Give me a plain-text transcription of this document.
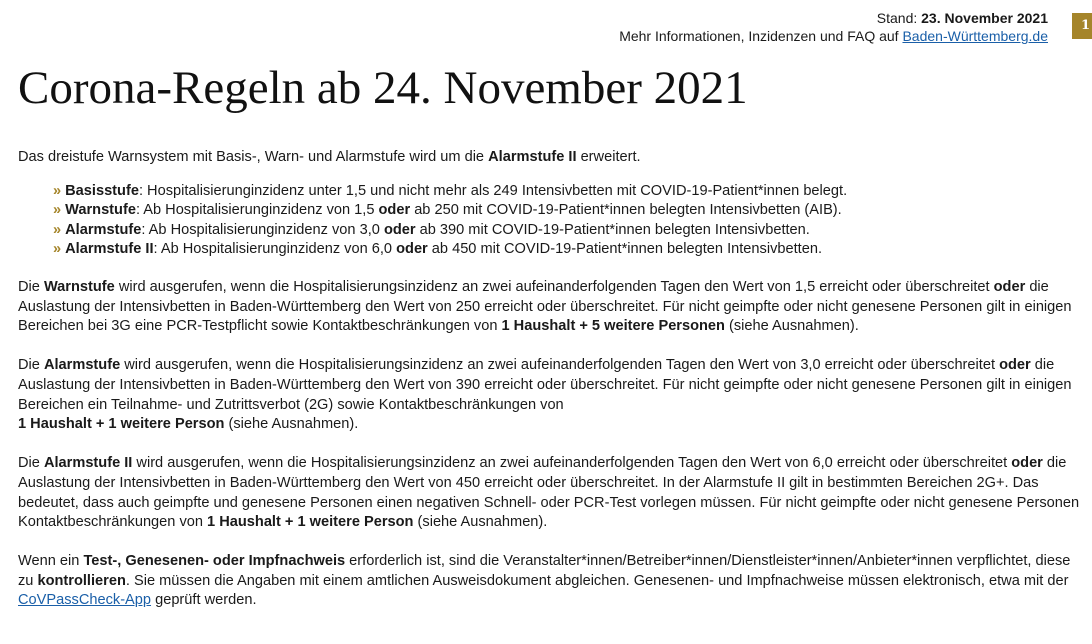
Stand: 23. November 2021
Mehr Informationen, Inzidenzen und FAQ auf Baden-Württemberg.de
1
Corona-Regeln ab 24. November 2021

Das dreistufe Warnsystem mit Basis-, Warn- und Alarmstufe wird um die Alarmstufe II erweitert.

» Basisstufe: Hospitalisierunginzidenz unter 1,5 und nicht mehr als 249 Intensivbetten mit COVID-19-Patient*innen belegt.
» Warnstufe: Ab Hospitalisierunginzidenz von 1,5 oder ab 250 mit COVID-19-Patient*innen belegten Intensivbetten (AIB).
» Alarmstufe: Ab Hospitalisierunginzidenz von 3,0 oder ab 390 mit COVID-19-Patient*innen belegten Intensivbetten.
» Alarmstufe II: Ab Hospitalisierunginzidenz von 6,0 oder ab 450 mit COVID-19-Patient*innen belegten Intensivbetten.

Die Warnstufe wird ausgerufen, wenn die Hospitalisierungsinzidenz an zwei aufeinanderfolgenden Tagen den Wert von 1,5 erreicht oder überschreitet oder die Auslastung der Intensivbetten in Baden-Württemberg den Wert von 250 erreicht oder überschreitet. Für nicht geimpfte oder nicht genesene Personen gilt in einigen Bereichen bei 3G eine PCR-Testpflicht sowie Kontaktbeschränkungen von 1 Haushalt + 5 weitere Personen (siehe Ausnahmen).

Die Alarmstufe wird ausgerufen, wenn die Hospitalisierungsinzidenz an zwei aufeinanderfolgenden Tagen den Wert von 3,0 erreicht oder überschreitet oder die Auslastung der Intensivbetten in Baden-Württemberg den Wert von 390 erreicht oder überschreitet. Für nicht geimpfte oder nicht genesene Personen gilt in einigen Bereichen ein Teilnahme- und Zutrittsverbot (2G) sowie Kontaktbeschränkungen von
1 Haushalt + 1 weitere Person (siehe Ausnahmen).

Die Alarmstufe II wird ausgerufen, wenn die Hospitalisierungsinzidenz an zwei aufeinanderfolgenden Tagen den Wert von 6,0 erreicht oder überschreitet oder die Auslastung der Intensivbetten in Baden-Württemberg den Wert von 450 erreicht oder überschreitet. In der Alarmstufe II gilt in bestimmten Bereichen 2G+. Das bedeutet, dass auch geimpfte und genesene Personen einen negativen Schnell- oder PCR-Test vorlegen müssen. Für nicht geimpfte oder nicht genesene Personen Kontaktbeschränkungen von 1 Haushalt + 1 weitere Person (siehe Ausnahmen).

Wenn ein Test-, Genesenen- oder Impfnachweis erforderlich ist, sind die Veranstalter*innen/Betreiber*innen/Dienstleister*innen/Anbieter*innen verpflichtet, diese zu kontrollieren. Sie müssen die Angaben mit einem amtlichen Ausweisdokument abgleichen. Genesenen- und Impfnachweise müssen elektronisch, etwa mit der CoVPassCheck-App geprüft werden.
